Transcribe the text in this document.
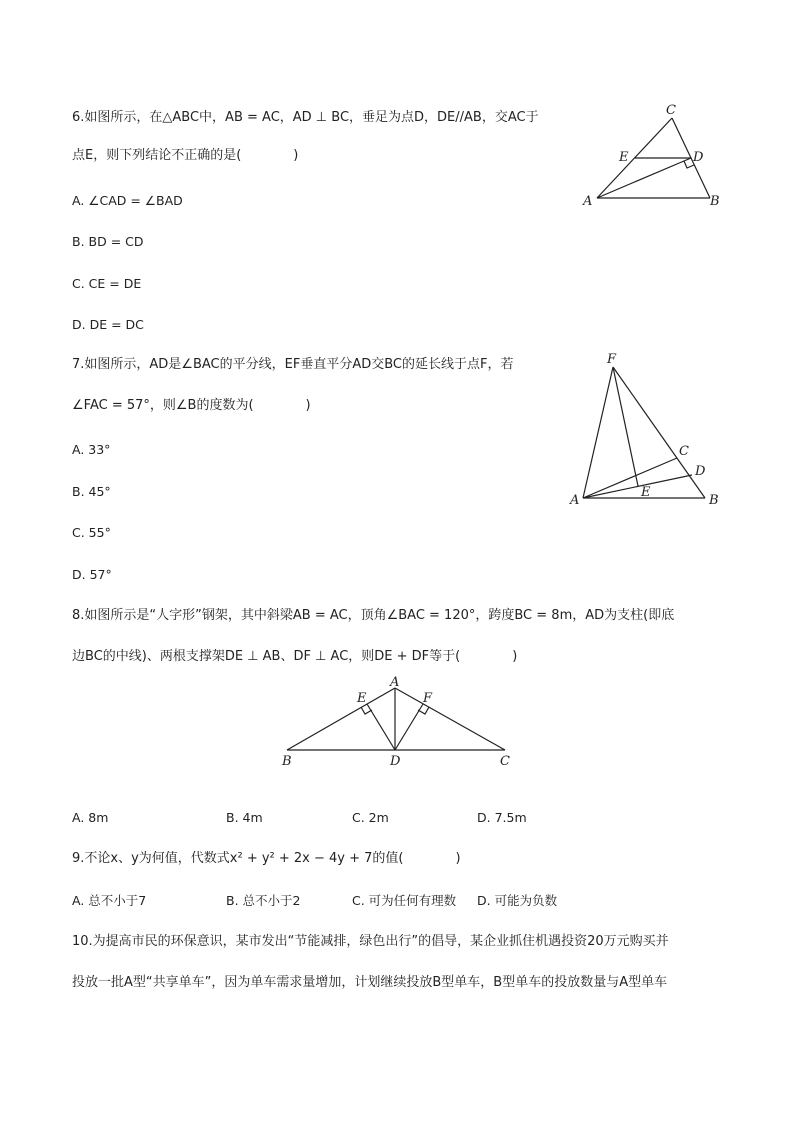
6.如图所示，在△ABC中，AB = AC，AD ⊥ BC，垂足为点D，DE//AB，交AC于
点E，则下列结论不正确的是(　　　　)
A. ∠CAD = ∠BAD
B. BD = CD
C. CE = DE
D. DE = DC
C
E	D
A	B
7.如图所示，AD是∠BAC的平分线，EF垂直平分AD交BC的延长线于点F，若
∠FAC = 57°，则∠B的度数为(　　　　)
A. 33°
B. 45°
C. 55°
D. 57°
F
C
D
E
A	B
8.如图所示是“人字形”钢架，其中斜梁AB = AC，顶角∠BAC = 120°，跨度BC = 8m，AD为支柱(即底
边BC的中线)、两根支撑架DE ⊥ AB、DF ⊥ AC，则DE + DF等于(　　　　)
A
E	F
B	D	C
A. 8m	B. 4m	C. 2m	D. 7.5m
9.不论x、y为何值，代数式x² + y² + 2x − 4y + 7的值(　　　　)
A. 总不小于7	B. 总不小于2	C. 可为任何有理数 D. 可能为负数
10.为提高市民的环保意识，某市发出“节能减排，绿色出行”的倡导，某企业抓住机遇投资20万元购买并
投放一批A型“共享单车”，因为单车需求量增加，计划继续投放B型单车，B型单车的投放数量与A型单车
